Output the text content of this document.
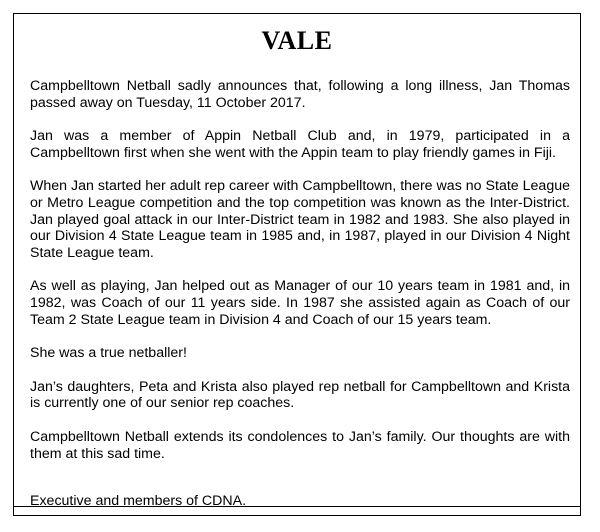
VALE

Campbelltown Netball sadly announces that, following a long illness, Jan Thomas passed away on Tuesday, 11 October 2017.

Jan was a member of Appin Netball Club and, in 1979, participated in a Campbelltown first when she went with the Appin team to play friendly games in Fiji.

When Jan started her adult rep career with Campbelltown, there was no State League or Metro League competition and the top competition was known as the Inter-District. Jan played goal attack in our Inter-District team in 1982 and 1983. She also played in our Division 4 State League team in 1985 and, in 1987, played in our Division 4 Night State League team.

As well as playing, Jan helped out as Manager of our 10 years team in 1981 and, in 1982, was Coach of our 11 years side. In 1987 she assisted again as Coach of our Team 2 State League team in Division 4 and Coach of our 15 years team.

She was a true netballer!

Jan’s daughters, Peta and Krista also played rep netball for Campbelltown and Krista is currently one of our senior rep coaches.

Campbelltown Netball extends its condolences to Jan’s family. Our thoughts are with them at this sad time.

Executive and members of CDNA.
